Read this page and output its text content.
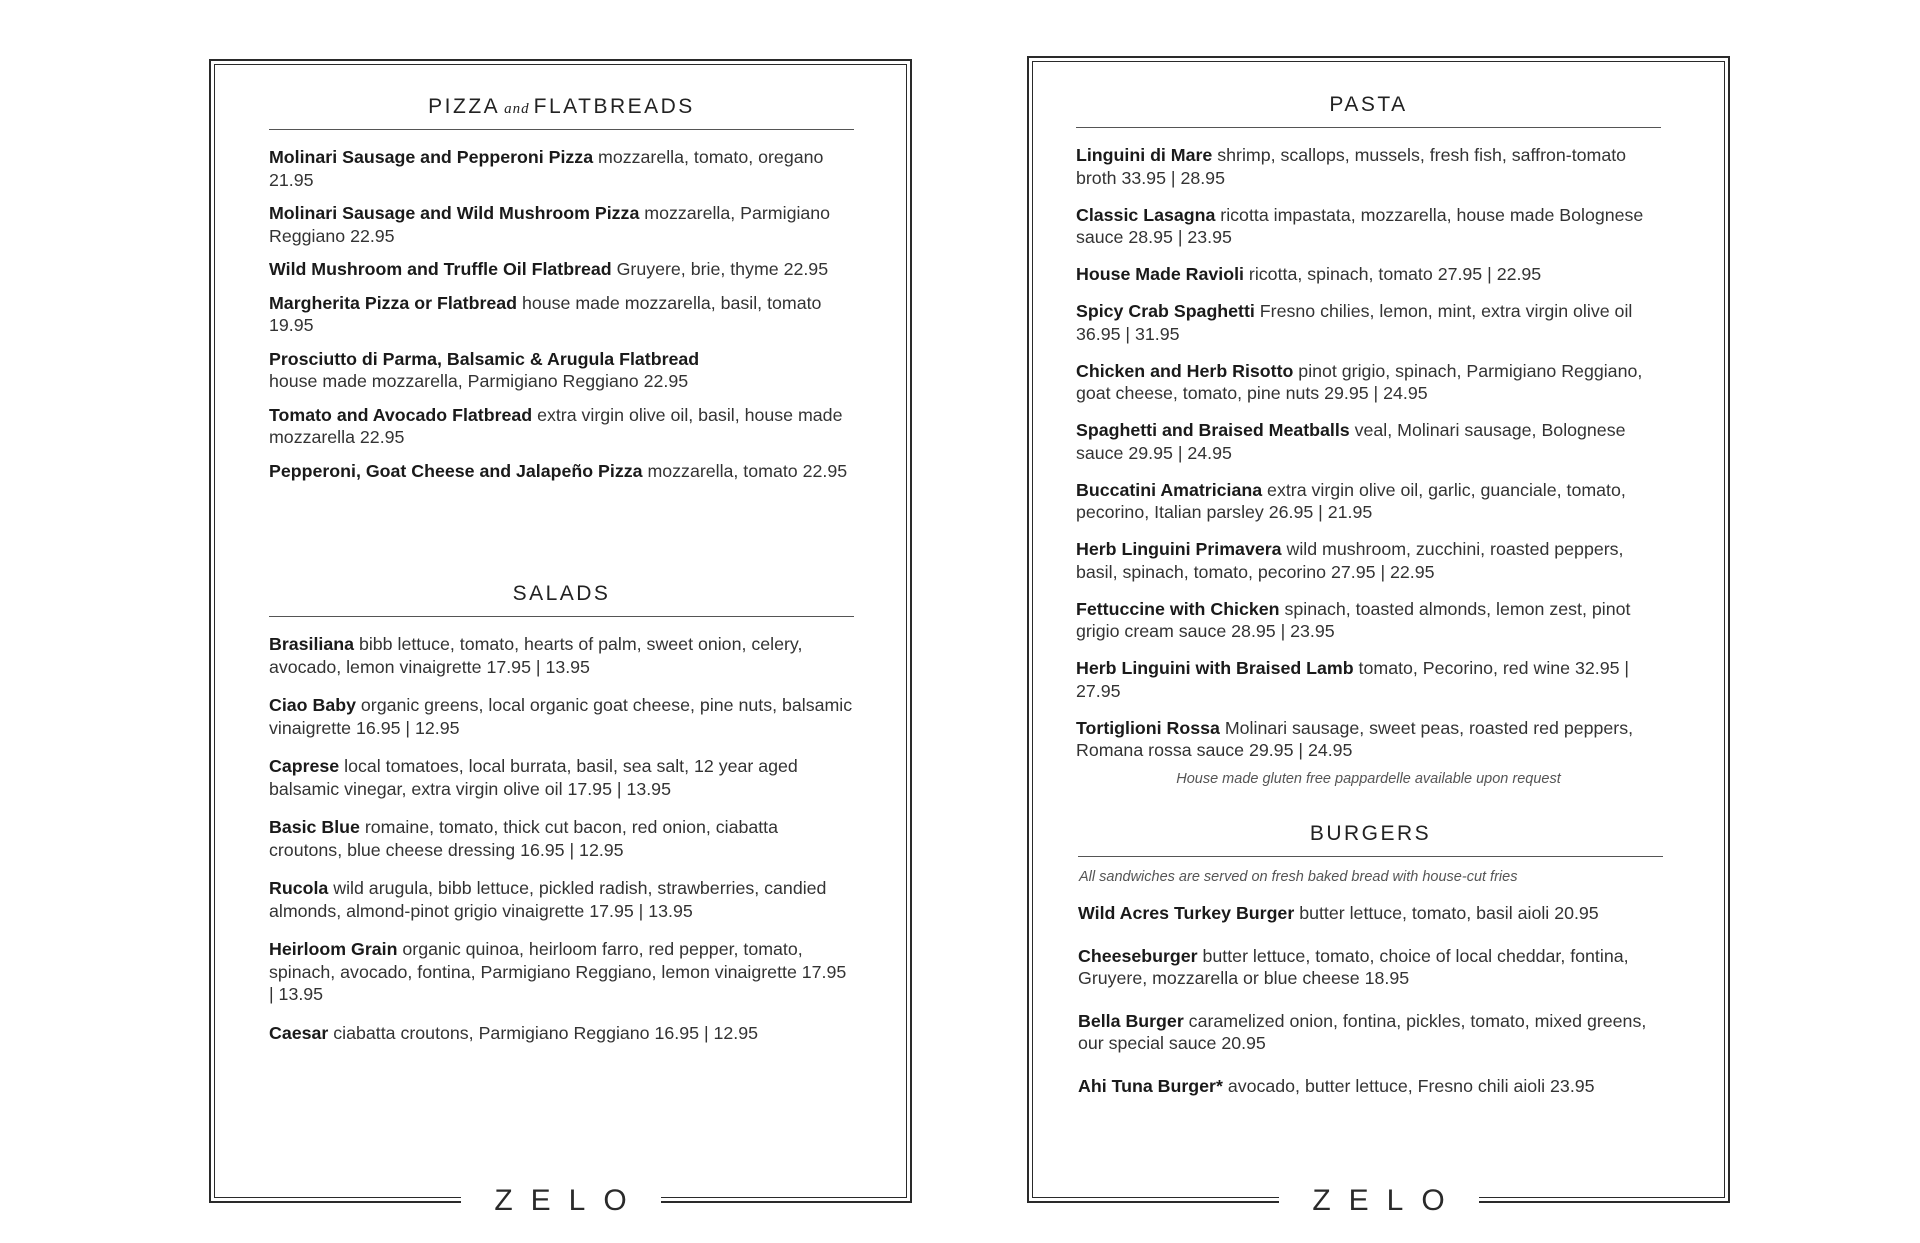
ZELO
PIZZA and FLATBREADS
Molinari Sausage and Pepperoni Pizza mozzarella, tomato, oregano 21.95
Molinari Sausage and Wild Mushroom Pizza mozzarella, Parmigiano Reggiano 22.95
Wild Mushroom and Truffle Oil Flatbread Gruyere, brie, thyme 22.95
Margherita Pizza or Flatbread house made mozzarella, basil, tomato 19.95
Prosciutto di Parma, Balsamic & Arugula Flatbread
house made mozzarella, Parmigiano Reggiano 22.95
Tomato and Avocado Flatbread extra virgin olive oil, basil, house made mozzarella 22.95
Pepperoni, Goat Cheese and Jalapeño Pizza mozzarella, tomato 22.95
SALADS
Brasiliana bibb lettuce, tomato, hearts of palm, sweet onion, celery, avocado, lemon vinaigrette 17.95 | 13.95
Ciao Baby organic greens, local organic goat cheese, pine nuts, balsamic vinaigrette 16.95 | 12.95
Caprese local tomatoes, local burrata, basil, sea salt, 12 year aged balsamic vinegar, extra virgin olive oil 17.95 | 13.95
Basic Blue romaine, tomato, thick cut bacon, red onion, ciabatta croutons, blue cheese dressing 16.95 | 12.95
Rucola wild arugula, bibb lettuce, pickled radish, strawberries, candied almonds, almond-pinot grigio vinaigrette 17.95 | 13.95
Heirloom Grain organic quinoa, heirloom farro, red pepper, tomato, spinach, avocado, fontina, Parmigiano Reggiano, lemon vinaigrette 17.95 | 13.95
Caesar ciabatta croutons, Parmigiano Reggiano 16.95 | 12.95
ZELO
PASTA
Linguini di Mare shrimp, scallops, mussels, fresh fish, saffron-tomato broth 33.95 | 28.95
Classic Lasagna ricotta impastata, mozzarella, house made Bolognese sauce 28.95 | 23.95
House Made Ravioli ricotta, spinach, tomato 27.95 | 22.95
Spicy Crab Spaghetti Fresno chilies, lemon, mint, extra virgin olive oil 36.95 | 31.95
Chicken and Herb Risotto pinot grigio, spinach, Parmigiano Reggiano, goat cheese, tomato, pine nuts 29.95 | 24.95
Spaghetti and Braised Meatballs veal, Molinari sausage, Bolognese sauce 29.95 | 24.95
Buccatini Amatriciana extra virgin olive oil, garlic, guanciale, tomato, pecorino, Italian parsley 26.95 | 21.95
Herb Linguini Primavera wild mushroom, zucchini, roasted peppers, basil, spinach, tomato, pecorino 27.95 | 22.95
Fettuccine with Chicken spinach, toasted almonds, lemon zest, pinot grigio cream sauce 28.95 | 23.95
Herb Linguini with Braised Lamb tomato, Pecorino, red wine 32.95 | 27.95
Tortiglioni Rossa Molinari sausage, sweet peas, roasted red peppers, Romana rossa sauce 29.95 | 24.95
House made gluten free pappardelle available upon request
BURGERS
All sandwiches are served on fresh baked bread with house-cut fries
Wild Acres Turkey Burger butter lettuce, tomato, basil aioli 20.95
Cheeseburger butter lettuce, tomato, choice of local cheddar, fontina, Gruyere, mozzarella or blue cheese 18.95
Bella Burger caramelized onion, fontina, pickles, tomato, mixed greens, our special sauce 20.95
Ahi Tuna Burger* avocado, butter lettuce, Fresno chili aioli 23.95
